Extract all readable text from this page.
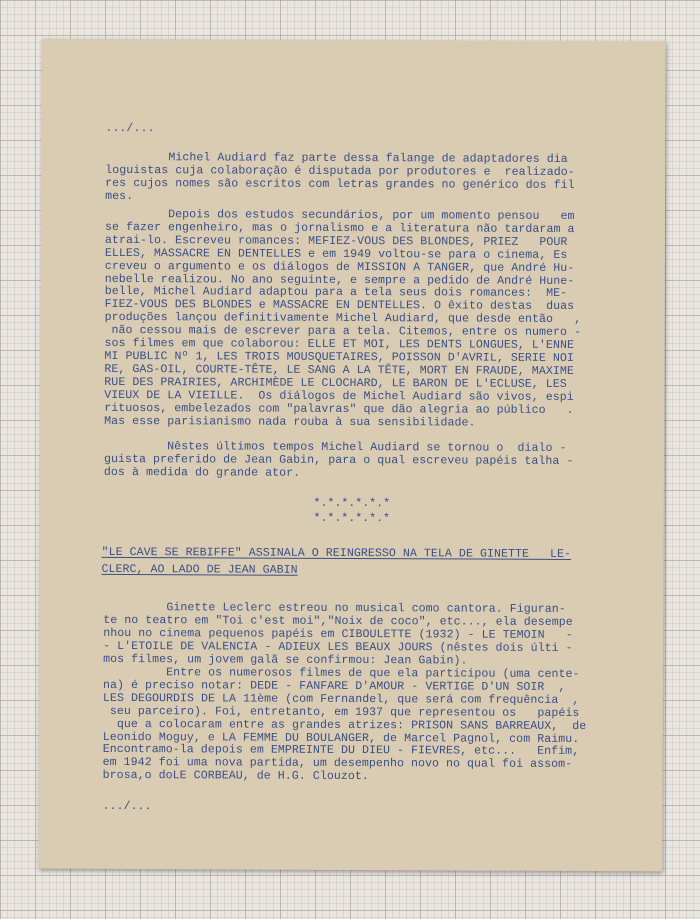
.../...
Michel Audiard faz parte dessa falange de adaptadores dia
loguistas cuja colaboração é disputada por produtores e  realizado-
res cujos nomes são escritos com letras grandes no genérico dos fil
mes.
Depois dos estudos secundários, por um momento pensou   em
se fazer engenheiro, mas o jornalismo e a literatura não tardaram a
atrai-lo. Escreveu romances: MEFIEZ-VOUS DES BLONDES, PRIEZ   POUR
ELLES, MASSACRE EN DENTELLES e em 1949 voltou-se para o cinema, Es
creveu o argumento e os diálogos de MISSION A TANGER, que André Hu-
nebelle realizou. No ano seguinte, e sempre a pedido de André Hune-
belle, Michel Audiard adaptou para a tela seus dois romances:  ME-
FIEZ-VOUS DES BLONDES e MASSACRE EN DENTELLES. O êxito destas  duas
produções lançou definitivamente Michel Audiard, que desde então   ,
não cessou mais de escrever para a tela. Citemos, entre os numero -
sos filmes em que colaborou: ELLE ET MOI, LES DENTS LONGUES, L'ENNE
MI PUBLIC Nº 1, LES TROIS MOUSQUETAIRES, POISSON D'AVRIL, SERIE NOI
RE, GAS-OIL, COURTE-TÊTE, LE SANG A LA TÊTE, MORT EN FRAUDE, MAXIME
RUE DES PRAIRIES, ARCHIMÈDE LE CLOCHARD, LE BARON DE L'ECLUSE, LES
VIEUX DE LA VIEILLE.  Os diálogos de Michel Audiard são vivos, espi
rituosos, embelezados com "palavras" que dão alegria ao público   .
Mas esse parisianismo nada rouba à sua sensibilidade.
Nêstes últimos tempos Michel Audiard se tornou o  dialo -
guista preferido de Jean Gabin, para o qual escreveu papéis talha -
dos à medida do grande ator.
*.*.*.*.*.*
*.*.*.*.*.*
"LE CAVE SE REBIFFE" ASSINALA O REINGRESSO NA TELA DE GINETTE   LE-
CLERC, AO LADO DE JEAN GABIN
Ginette Leclerc estreou no musical como cantora. Figuran-
te no teatro em "Toi c'est moi","Noix de coco", etc..., ela desempe
nhou no cinema pequenos papéis em CIBOULETTE (1932) - LE TEMOIN   -
- L'ETOILE DE VALENCIA - ADIEUX LES BEAUX JOURS (nêstes dois últi -
mos filmes, um jovem galã se confirmou: Jean Gabin).
Entre os numerosos filmes de que ela participou (uma cente-
na) é preciso notar: DEDE - FANFARE D'AMOUR - VERTIGE D'UN SOIR  ,
LES DEGOURDIS DE LA 11ème (com Fernandel, que será com frequência  ,
seu parceiro). Foi, entretanto, em 1937 que representou os   papéis
que a colocaram entre as grandes atrizes: PRISON SANS BARREAUX,  de
Leonido Moguy, e LA FEMME DU BOULANGER, de Marcel Pagnol, com Raimu.
Encontramo-la depois em EMPREINTE DU DIEU - FIEVRES, etc...   Enfim,
em 1942 foi uma nova partida, um desempenho novo no qual foi assom-
brosa,o doLE CORBEAU, de H.G. Clouzot.
.../...
